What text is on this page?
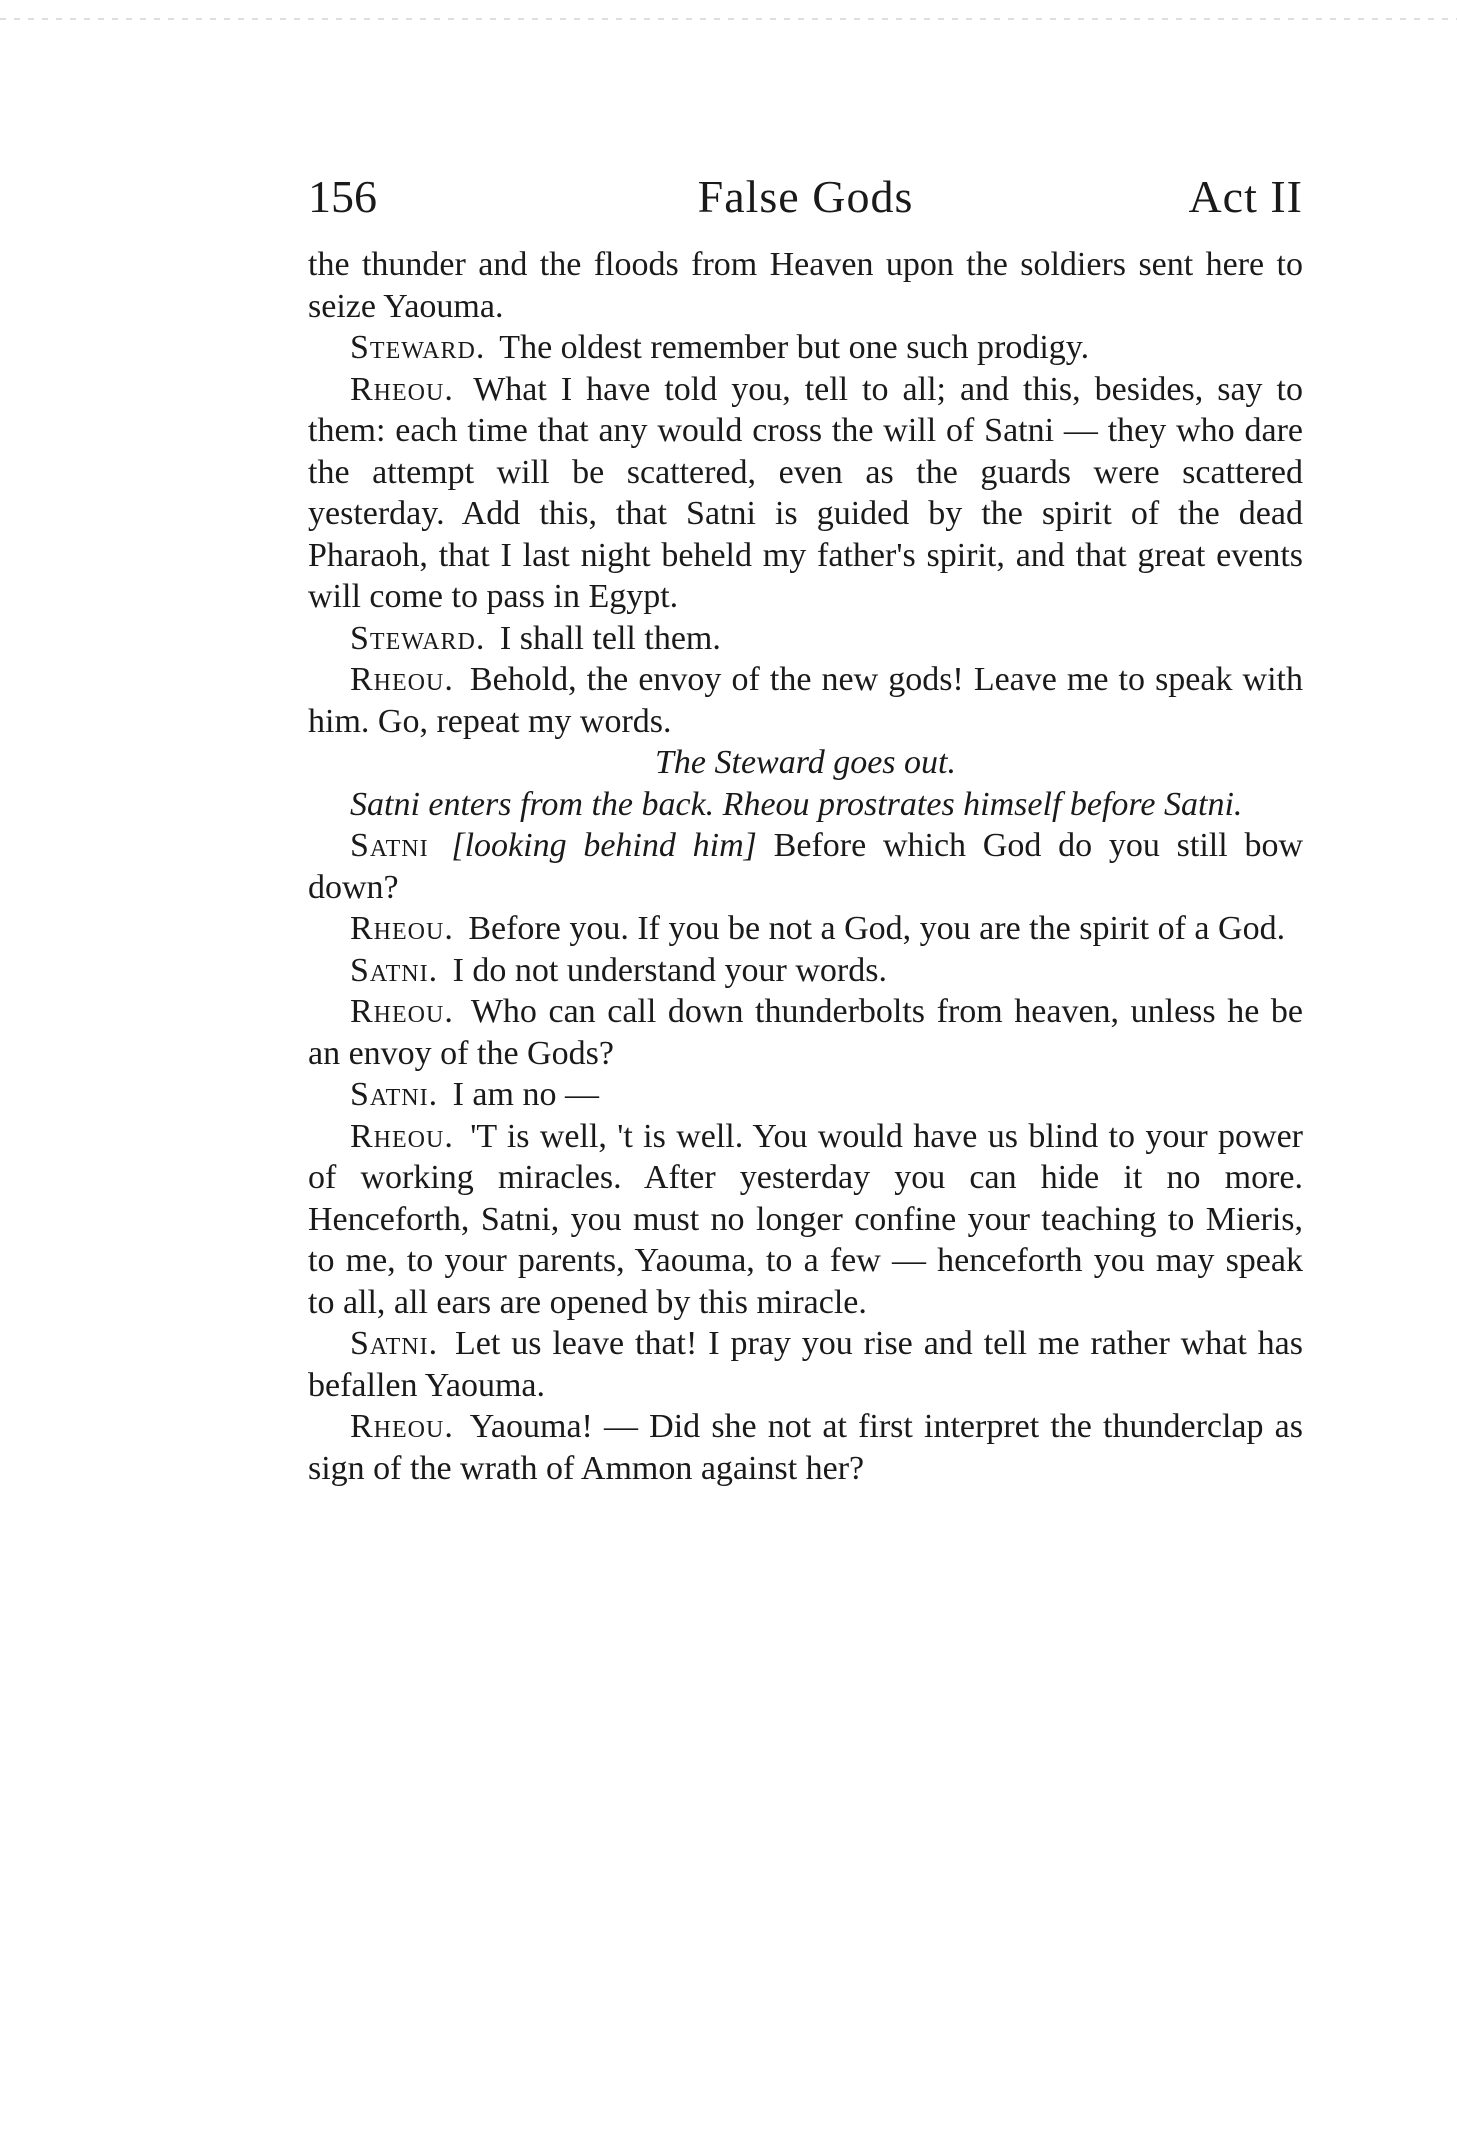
156	False Gods	Act II

the thunder and the floods from Heaven upon the soldiers sent here to seize Yaouma.

Steward. The oldest remember but one such prodigy.

Rheou. What I have told you, tell to all; and this, besides, say to them: each time that any would cross the will of Satni — they who dare the attempt will be scattered, even as the guards were scattered yesterday. Add this, that Satni is guided by the spirit of the dead Pharaoh, that I last night beheld my father's spirit, and that great events will come to pass in Egypt.

Steward. I shall tell them.

Rheou. Behold, the envoy of the new gods! Leave me to speak with him. Go, repeat my words.

The Steward goes out.

Satni enters from the back. Rheou prostrates himself before Satni.

Satni [looking behind him] Before which God do you still bow down?

Rheou. Before you. If you be not a God, you are the spirit of a God.

Satni. I do not understand your words.

Rheou. Who can call down thunderbolts from heaven, unless he be an envoy of the Gods?

Satni. I am no —

Rheou. 'T is well, 't is well. You would have us blind to your power of working miracles. After yesterday you can hide it no more. Henceforth, Satni, you must no longer confine your teaching to Mieris, to me, to your parents, Yaouma, to a few — henceforth you may speak to all, all ears are opened by this miracle.

Satni. Let us leave that! I pray you rise and tell me rather what has befallen Yaouma.

Rheou. Yaouma! — Did she not at first interpret the thunderclap as sign of the wrath of Ammon against her?
